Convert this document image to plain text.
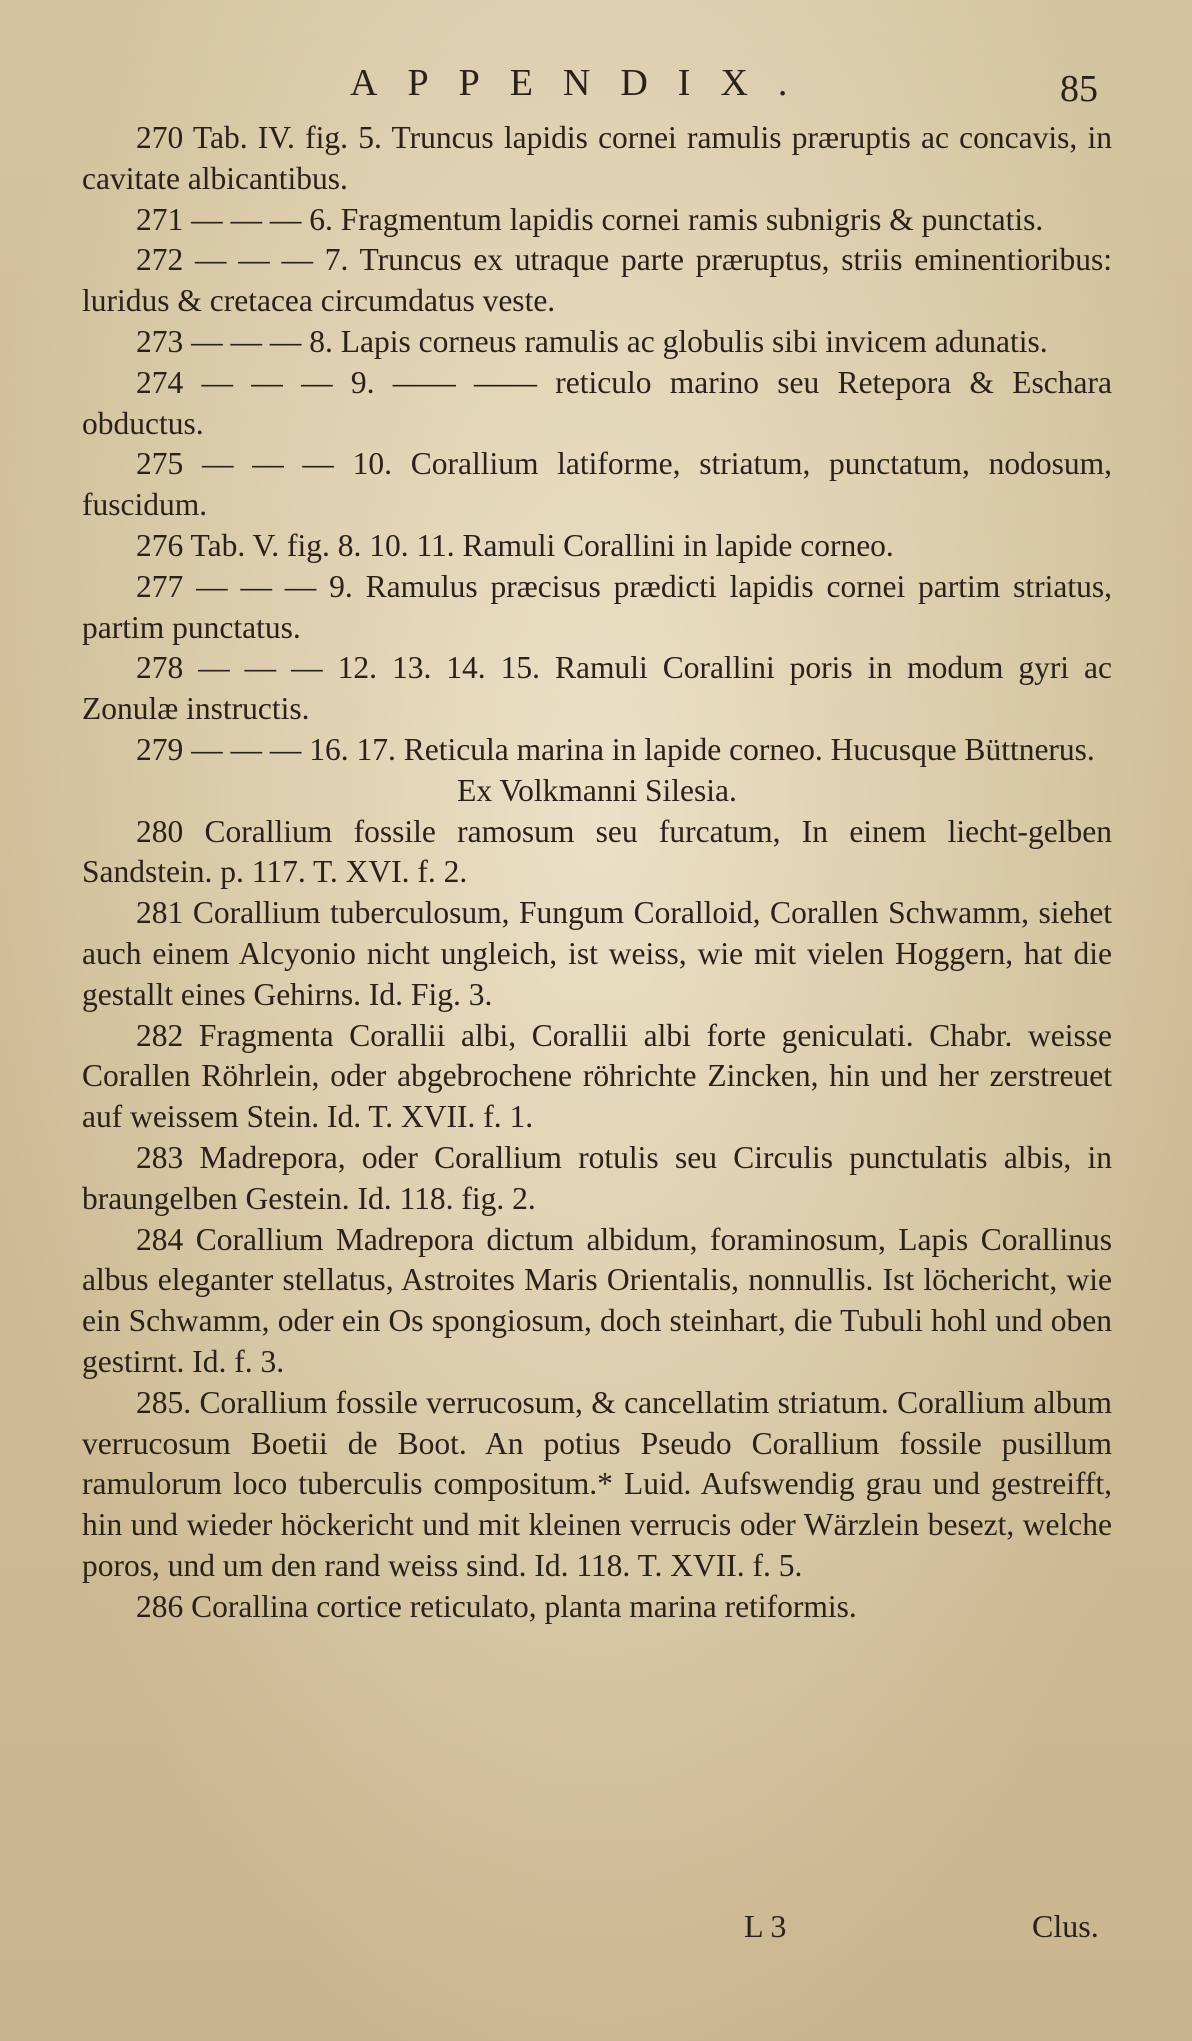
APPENDIX.	85

270 Tab. IV. fig. 5. Truncus lapidis cornei ramulis præruptis ac concavis, in cavitate albicantibus.

271 — — — 6. Fragmentum lapidis cornei ramis subnigris & punctatis.

272 — — — 7. Truncus ex utraque parte præruptus, striis eminentioribus: luridus & cretacea circumdatus veste.

273 — — — 8. Lapis corneus ramulis ac globulis sibi invicem adunatis.

274 — — — 9. —— —— reticulo marino seu Retepora & Eschara obductus.

275 — — — 10. Corallium latiforme, striatum, punctatum, nodosum, fuscidum.

276 Tab. V. fig. 8. 10. 11. Ramuli Corallini in lapide corneo.

277 — — — 9. Ramulus præcisus prædicti lapidis cornei partim striatus, partim punctatus.

278 — — — 12. 13. 14. 15. Ramuli Corallini poris in modum gyri ac Zonulæ instructis.

279 — — — 16. 17. Reticula marina in lapide corneo. Hucusque Büttnerus.

Ex Volkmanni Silesia.

280 Corallium fossile ramosum seu furcatum, In einem liecht-gelben Sandstein. p. 117. T. XVI. f. 2.

281 Corallium tuberculosum, Fungum Coralloid, Corallen Schwamm, siehet auch einem Alcyonio nicht ungleich, ist weiss, wie mit vielen Hoggern, hat die gestallt eines Gehirns. Id. Fig. 3.

282 Fragmenta Corallii albi, Corallii albi forte geniculati. Chabr. weisse Corallen Röhrlein, oder abgebrochene röhrichte Zincken, hin und her zerstreuet auf weissem Stein. Id. T. XVII. f. 1.

283 Madrepora, oder Corallium rotulis seu Circulis punctulatis albis, in braungelben Gestein. Id. 118. fig. 2.

284 Corallium Madrepora dictum albidum, foraminosum, Lapis Corallinus albus eleganter stellatus, Astroites Maris Orientalis, nonnullis. Ist löchericht, wie ein Schwamm, oder ein Os spongiosum, doch steinhart, die Tubuli hohl und oben gestirnt. Id. f. 3.

285. Corallium fossile verrucosum, & cancellatim striatum. Corallium album verrucosum Boetii de Boot. An potius Pseudo Corallium fossile pusillum ramulorum loco tuberculis compositum.* Luid. Aufswendig grau und gestreifft, hin und wieder höckericht und mit kleinen verrucis oder Wärzlein besezt, welche poros, und um den rand weiss sind. Id. 118. T. XVII. f. 5.

286 Corallina cortice reticulato, planta marina retiformis.

L 3	Clus.
